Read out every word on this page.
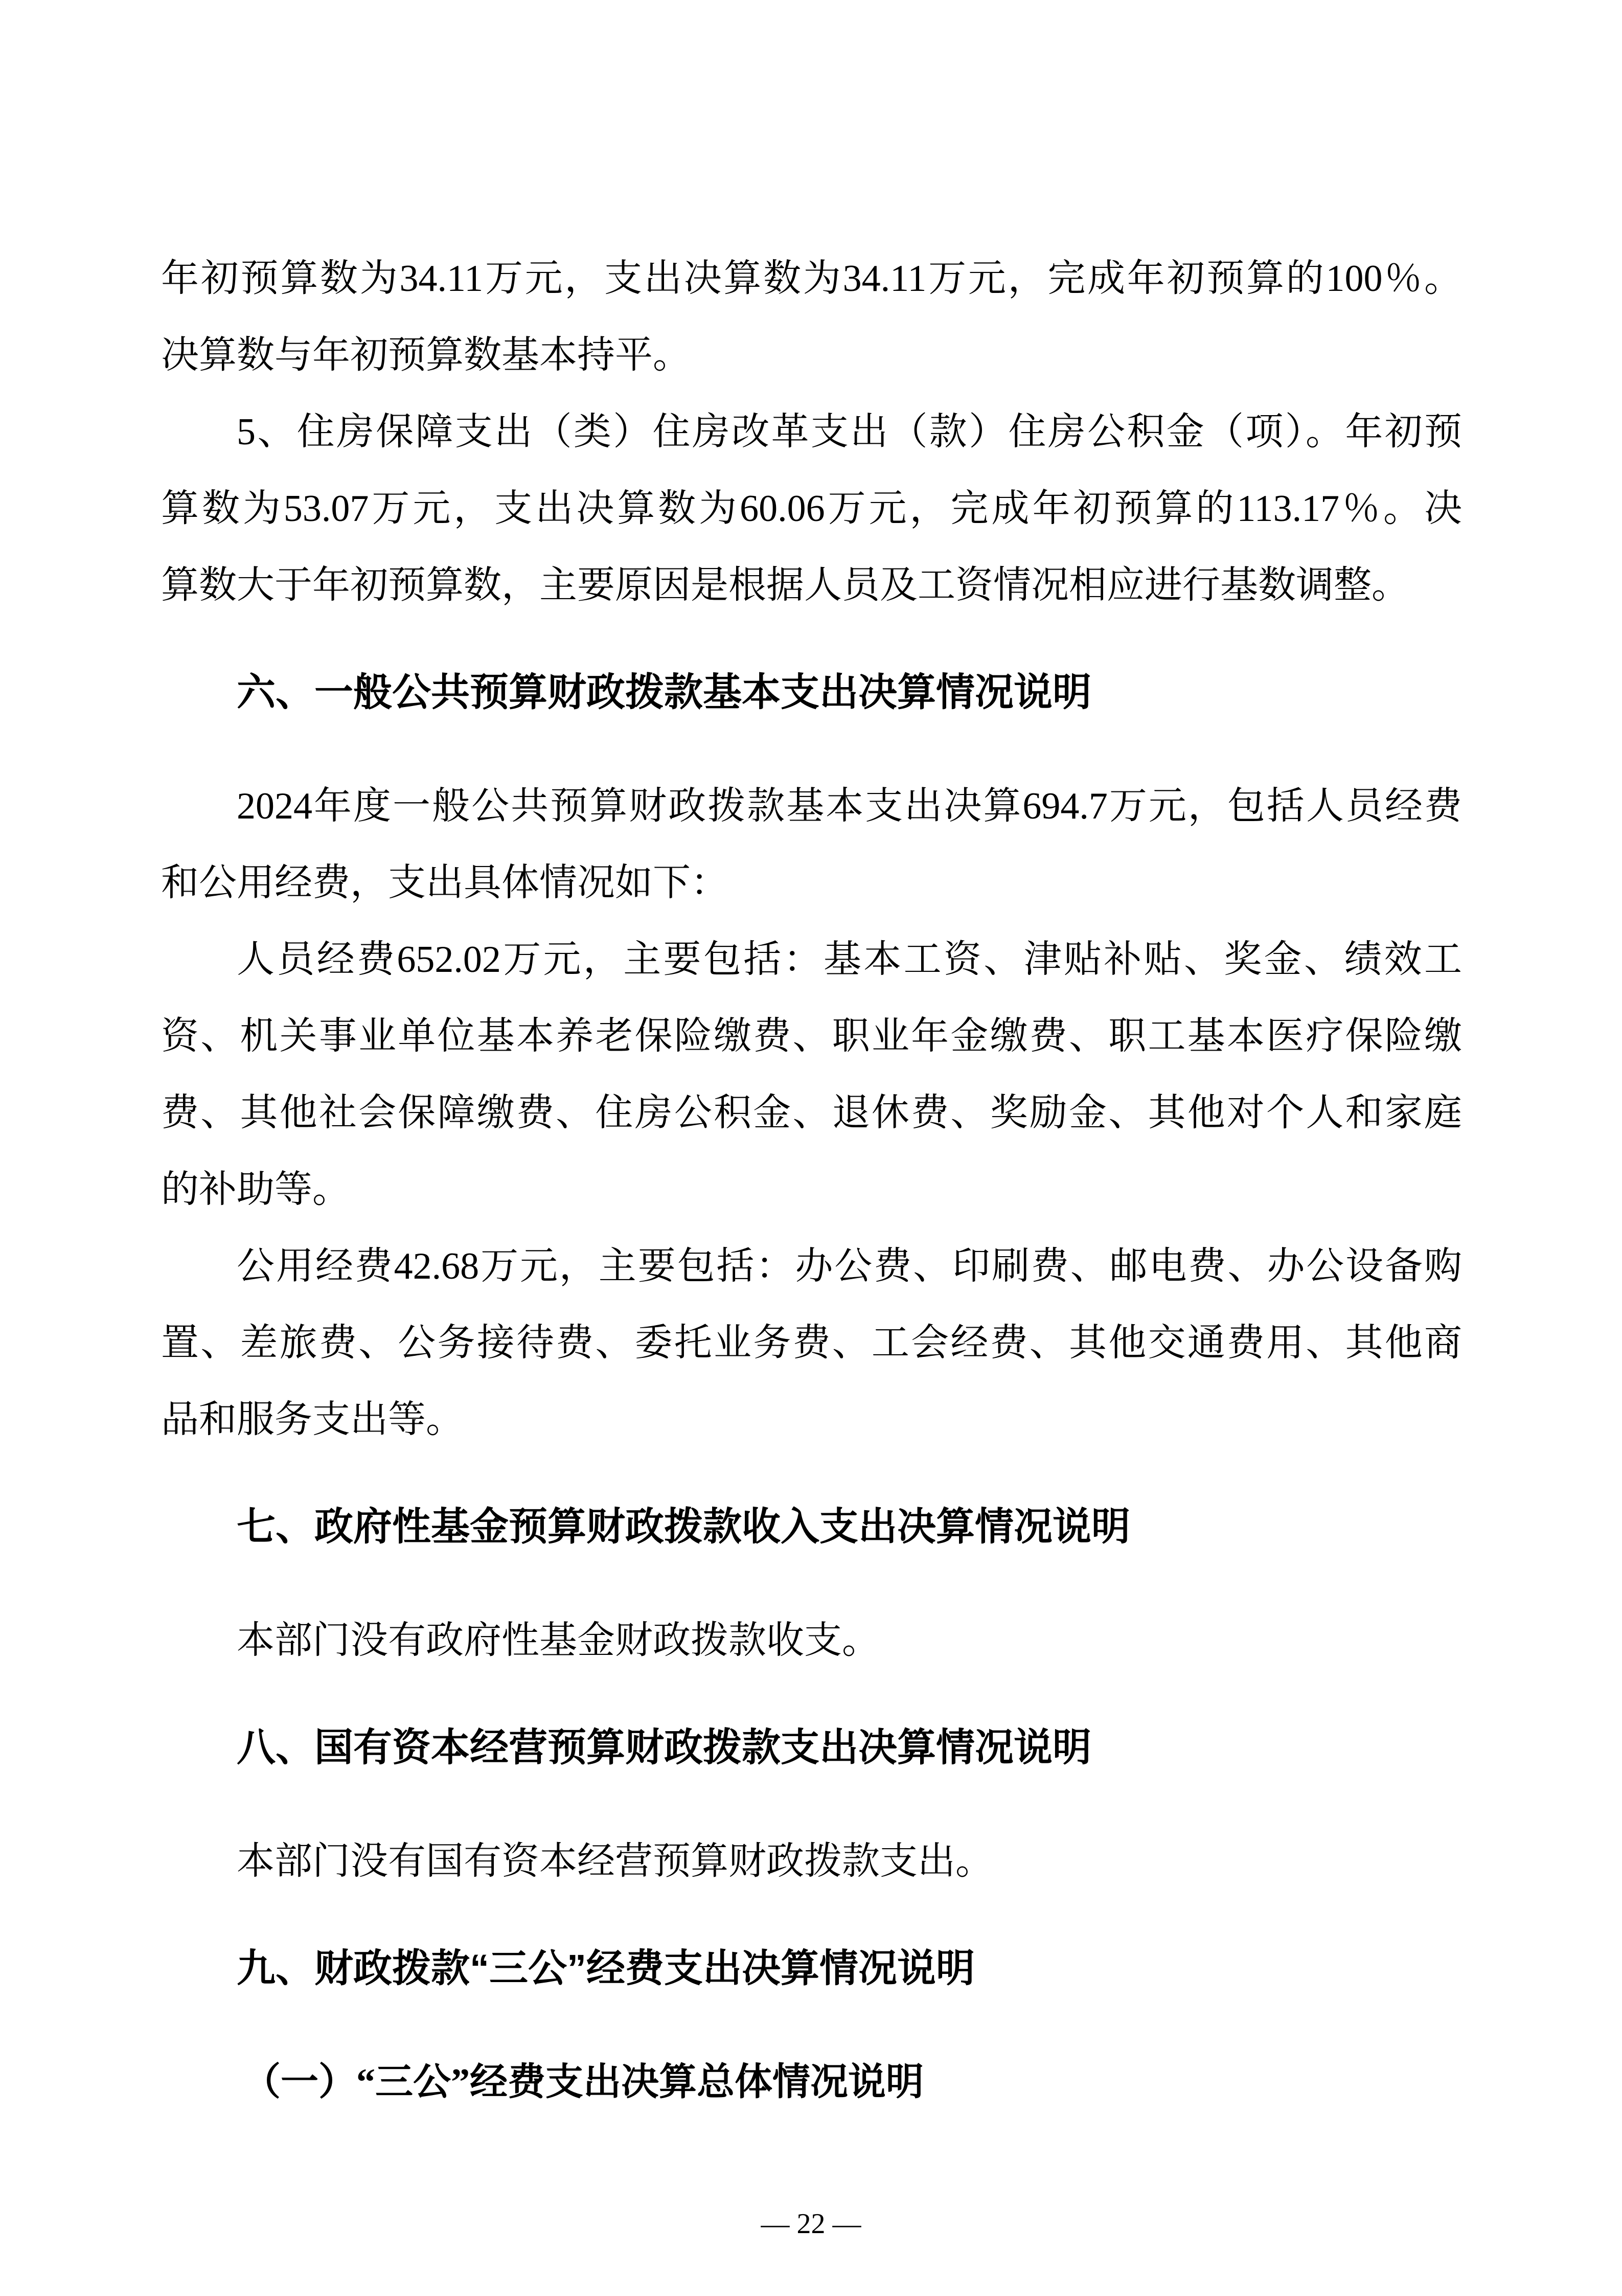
年初预算数为34.11万元，支出决算数为34.11万元，完成年初预算的100％。
决算数与年初预算数基本持平。
5、住房保障支出（类）住房改革支出（款）住房公积金（项）。年初预
算数为53.07万元，支出决算数为60.06万元，完成年初预算的113.17％。决
算数大于年初预算数，主要原因是根据人员及工资情况相应进行基数调整。
六、一般公共预算财政拨款基本支出决算情况说明
2024年度一般公共预算财政拨款基本支出决算694.7万元，包括人员经费
和公用经费，支出具体情况如下：
人员经费652.02万元，主要包括：基本工资、津贴补贴、奖金、绩效工
资、机关事业单位基本养老保险缴费、职业年金缴费、职工基本医疗保险缴
费、其他社会保障缴费、住房公积金、退休费、奖励金、其他对个人和家庭
的补助等。
公用经费42.68万元，主要包括：办公费、印刷费、邮电费、办公设备购
置、差旅费、公务接待费、委托业务费、工会经费、其他交通费用、其他商
品和服务支出等。
七、政府性基金预算财政拨款收入支出决算情况说明
本部门没有政府性基金财政拨款收支。
八、国有资本经营预算财政拨款支出决算情况说明
本部门没有国有资本经营预算财政拨款支出。
九、财政拨款“三公”经费支出决算情况说明
（一）“三公”经费支出决算总体情况说明
— 22 —
